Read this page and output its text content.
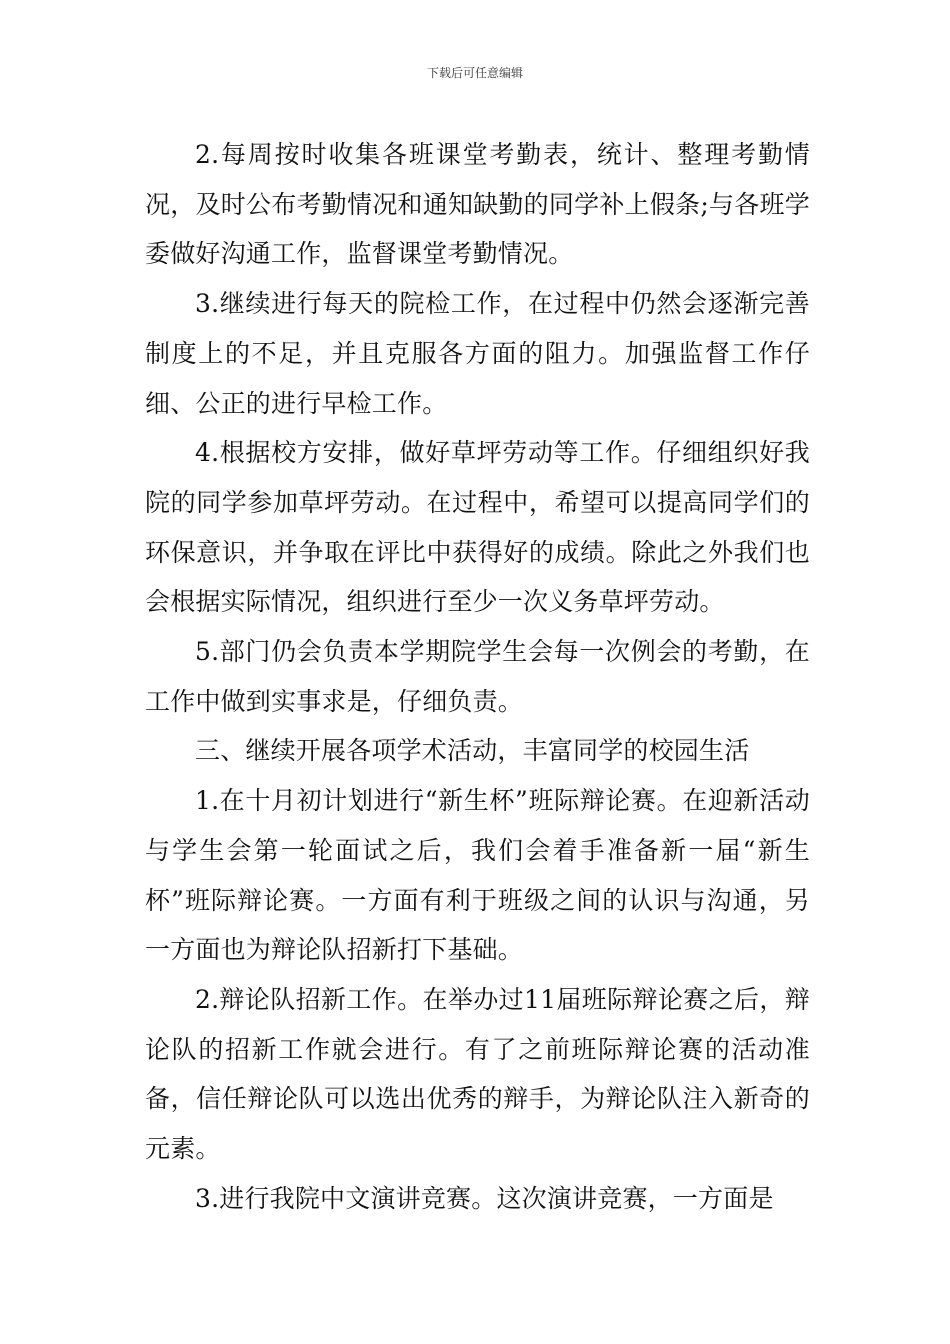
下载后可任意编辑

2.每周按时收集各班课堂考勤表，统计、整理考勤情况，及时公布考勤情况和通知缺勤的同学补上假条;与各班学委做好沟通工作，监督课堂考勤情况。

3.继续进行每天的院检工作，在过程中仍然会逐渐完善制度上的不足，并且克服各方面的阻力。加强监督工作仔细、公正的进行早检工作。

4.根据校方安排，做好草坪劳动等工作。仔细组织好我院的同学参加草坪劳动。在过程中，希望可以提高同学们的环保意识，并争取在评比中获得好的成绩。除此之外我们也会根据实际情况，组织进行至少一次义务草坪劳动。

5.部门仍会负责本学期院学生会每一次例会的考勤，在工作中做到实事求是，仔细负责。

三、继续开展各项学术活动，丰富同学的校园生活

1.在十月初计划进行“新生杯”班际辩论赛。在迎新活动与学生会第一轮面试之后，我们会着手准备新一届“新生杯”班际辩论赛。一方面有利于班级之间的认识与沟通，另一方面也为辩论队招新打下基础。

2.辩论队招新工作。在举办过11届班际辩论赛之后，辩论队的招新工作就会进行。有了之前班际辩论赛的活动准备，信任辩论队可以选出优秀的辩手，为辩论队注入新奇的元素。

3.进行我院中文演讲竞赛。这次演讲竞赛，一方面是
